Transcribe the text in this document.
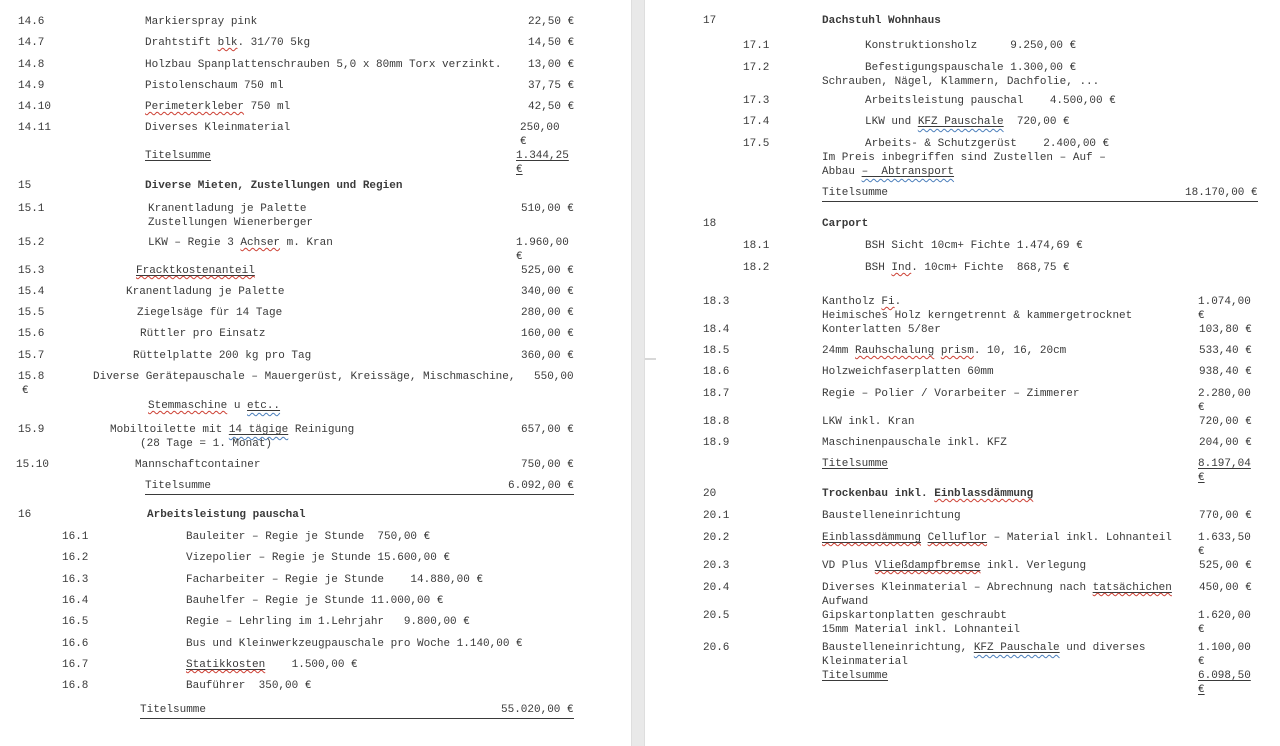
14.6	Markierspray pink	22,50 €
14.7	Drahtstift blk. 31/70 5kg	14,50 €
14.8	Holzbau Spanplattenschrauben 5,0 x 80mm Torx verzinkt. 13,00 €
14.9	Pistolenschaum 750 ml	37,75 €
14.10	Perimeterkleber 750 ml	42,50 €
14.11	Diverses Kleinmaterial	250,00
€
Titelsumme	1.344,25
€
15	Diverse Mieten, Zustellungen und Regien
15.1	Kranentladung je Palette	510,00 €
Zustellungen Wienerberger
15.2	LKW – Regie 3 Achser m. Kran	1.960,00
€
15.3	Fracktkostenanteil	525,00 €
15.4	Kranentladung je Palette	340,00 €
15.5	Ziegelsäge für 14 Tage	280,00 €
15.6	Rüttler pro Einsatz	160,00 €
15.7	Rüttelplatte 200 kg pro Tag	360,00 €
15.8	Diverse Gerätepauschale – Mauergerüst, Kreissäge, Mischmaschine, 550,00
€
Stemmaschine u etc..
15.9	Mobiltoilette mit 14 tägige Reinigung	657,00 €
(28 Tage = 1. Monat)
15.10	Mannschaftcontainer	750,00 €
Titelsumme	6.092,00 €
16	Arbeitsleistung pauschal
16.1	Bauleiter – Regie je Stunde  750,00 €
16.2	Vizepolier – Regie je Stunde 15.600,00 €
16.3	Facharbeiter – Regie je Stunde    14.880,00 €
16.4	Bauhelfer – Regie je Stunde 11.000,00 €
16.5	Regie – Lehrling im 1.Lehrjahr   9.800,00 €
16.6	Bus und Kleinwerkzeugpauschale pro Woche 1.140,00 €
16.7	Statikkosten    1.500,00 €
16.8	Bauführer  350,00 €
Titelsumme	55.020,00 €
17	Dachstuhl Wohnhaus
17.1	Konstruktionsholz     9.250,00 €
17.2	Befestigungspauschale 1.300,00 €
Schrauben, Nägel, Klammern, Dachfolie, ...
17.3	Arbeitsleistung pauschal    4.500,00 €
17.4	LKW und KFZ Pauschale  720,00 €
17.5	Arbeits- & Schutzgerüst    2.400,00 €
Im Preis inbegriffen sind Zustellen – Auf –
Abbau –  Abtransport
Titelsumme	18.170,00 €
18	Carport
18.1	BSH Sicht 10cm+ Fichte 1.474,69 €
18.2	BSH Ind. 10cm+ Fichte  868,75 €
18.3	Kantholz Fi.	1.074,00
Heimisches Holz kerngetrennt & kammergetrocknet	€
18.4	Konterlatten 5/8er	103,80 €
18.5	24mm Rauhschalung prism. 10, 16, 20cm	533,40 €
18.6	Holzweichfaserplatten 60mm	938,40 €
18.7	Regie – Polier / Vorarbeiter – Zimmerer	2.280,00
€
18.8	LKW inkl. Kran	720,00 €
18.9	Maschinenpauschale inkl. KFZ	204,00 €
Titelsumme	8.197,04
€
20	Trockenbau inkl. Einblassdämmung
20.1	Baustelleneinrichtung	770,00 €
20.2	Einblassdämmung Celluflor – Material inkl. Lohnanteil 1.633,50
€
20.3	VD Plus Vließdampfbremse inkl. Verlegung	525,00 €
20.4	Diverses Kleinmaterial – Abrechnung nach tatsächichen 450,00 €
Aufwand
20.5	Gipskartonplatten geschraubt	1.620,00
15mm Material inkl. Lohnanteil	€
20.6	Baustelleneinrichtung, KFZ Pauschale und diverses	1.100,00
Kleinmaterial	€
Titelsumme	6.098,50
€
